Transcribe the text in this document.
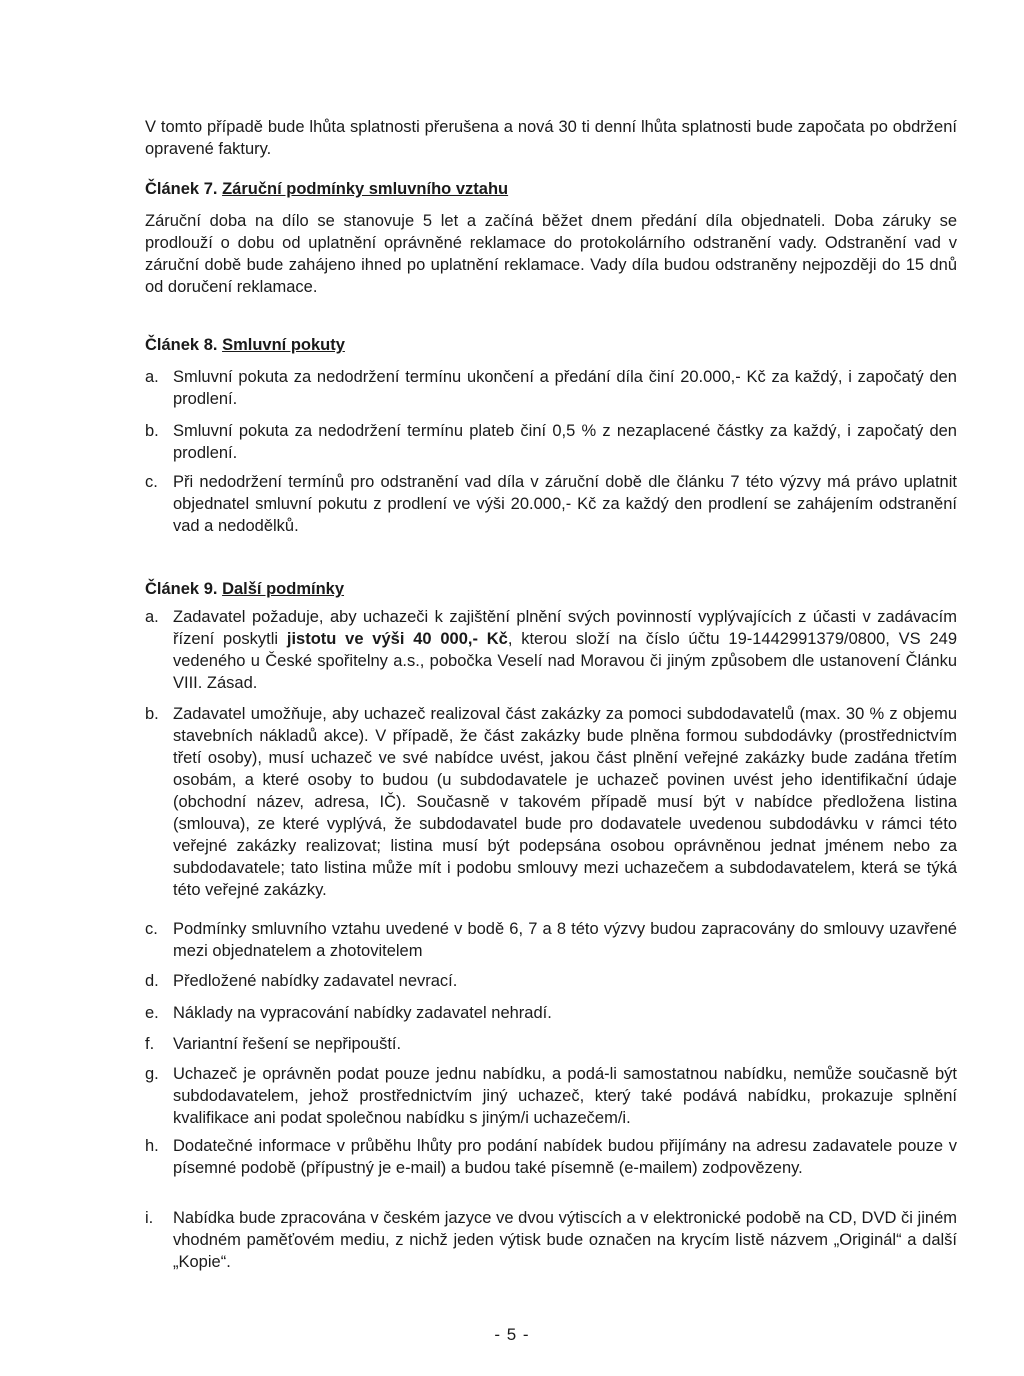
V tomto případě bude lhůta splatnosti přerušena a nová 30 ti denní lhůta splatnosti bude započata po obdržení opravené faktury.

Článek 7. Záruční podmínky smluvního vztahu

Záruční doba na dílo se stanovuje 5 let a začíná běžet dnem předání díla objednateli. Doba záruky se prodlouží o dobu od uplatnění oprávněné reklamace do protokolárního odstranění vady. Odstranění vad v záruční době bude zahájeno ihned po uplatnění reklamace. Vady díla budou odstraněny nejpozději do 15 dnů od doručení reklamace.

Článek 8. Smluvní pokuty

a. Smluvní pokuta za nedodržení termínu ukončení a předání díla činí 20.000,- Kč za každý, i započatý den prodlení.
b. Smluvní pokuta za nedodržení termínu plateb činí 0,5 % z nezaplacené částky za každý, i započatý den prodlení.
c. Při nedodržení termínů pro odstranění vad díla v záruční době dle článku 7 této výzvy má právo uplatnit objednatel smluvní pokutu z prodlení ve výši 20.000,- Kč za každý den prodlení se zahájením odstranění vad a nedodělků.

Článek 9. Další podmínky

a. Zadavatel požaduje, aby uchazeči k zajištění plnění svých povinností vyplývajících z účasti v zadávacím řízení poskytli jistotu ve výši 40 000,- Kč, kterou složí na číslo účtu 19-1442991379/0800, VS 249 vedeného u České spořitelny a.s., pobočka Veselí nad Moravou či jiným způsobem dle ustanovení Článku VIII. Zásad.
b. Zadavatel umožňuje, aby uchazeč realizoval část zakázky za pomoci subdodavatelů (max. 30 % z objemu stavebních nákladů akce). V případě, že část zakázky bude plněna formou subdodávky (prostřednictvím třetí osoby), musí uchazeč ve své nabídce uvést, jakou část plnění veřejné zakázky bude zadána třetím osobám, a které osoby to budou (u subdodavatele je uchazeč povinen uvést jeho identifikační údaje (obchodní název, adresa, IČ). Současně v takovém případě musí být v nabídce předložena listina (smlouva), ze které vyplývá, že subdodavatel bude pro dodavatele uvedenou subdodávku v rámci této veřejné zakázky realizovat; listina musí být podepsána osobou oprávněnou jednat jménem nebo za subdodavatele; tato listina může mít i podobu smlouvy mezi uchazečem a subdodavatelem, která se týká této veřejné zakázky.
c. Podmínky smluvního vztahu uvedené v bodě 6, 7 a 8 této výzvy budou zapracovány do smlouvy uzavřené mezi objednatelem a zhotovitelem
d. Předložené nabídky zadavatel nevrací.
e. Náklady na vypracování nabídky zadavatel nehradí.
f.	Variantní řešení se nepřipouští.
g. Uchazeč je oprávněn podat pouze jednu nabídku, a podá-li samostatnou nabídku, nemůže současně být subdodavatelem, jehož prostřednictvím jiný uchazeč, který také podává nabídku, prokazuje splnění kvalifikace ani podat společnou nabídku s jiným/i uchazečem/i.
h. Dodatečné informace v průběhu lhůty pro podání nabídek budou přijímány na adresu zadavatele pouze v písemné podobě (přípustný je e-mail) a budou také písemně (e-mailem) zodpovězeny.
i.	Nabídka bude zpracována v českém jazyce ve dvou výtiscích a v elektronické podobě na CD, DVD či jiném vhodném paměťovém mediu, z nichž jeden výtisk bude označen na krycím listě názvem „Originál“ a další „Kopie“.
- 5 -
